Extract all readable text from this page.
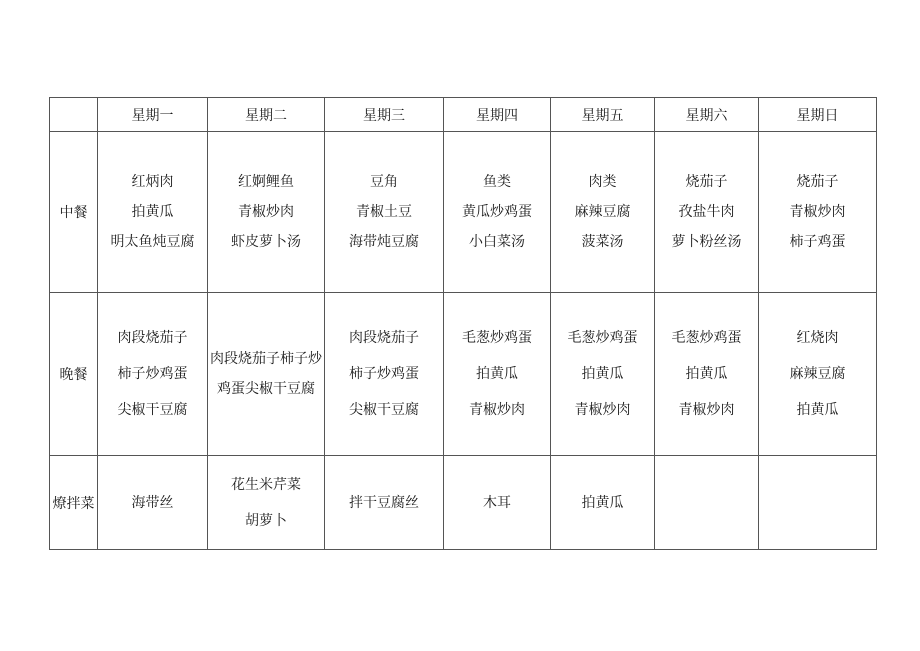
	星期一	星期二	星期三	星期四	星期五	星期六	星期日
中餐	红炳肉
拍黄瓜
明太鱼炖豆腐	红婀鲤鱼
青椒炒肉
虾皮萝卜汤	豆角
青椒土豆
海带炖豆腐	鱼类
黄瓜炒鸡蛋
小白菜汤	肉类
麻辣豆腐
菠菜汤	烧茄子
孜盐牛肉
萝卜粉丝汤	烧茄子
青椒炒肉
柿子鸡蛋

晚餐	肉段烧茄子
柿子炒鸡蛋
尖椒干豆腐	肉段烧茄子柿子炒鸡蛋尖椒干豆腐	肉段烧茄子
柿子炒鸡蛋
尖椒干豆腐	毛葱炒鸡蛋
拍黄瓜
青椒炒肉	毛葱炒鸡蛋
拍黄瓜
青椒炒肉	毛葱炒鸡蛋
拍黄瓜
青椒炒肉	红烧肉
麻辣豆腐
拍黄瓜

燎拌菜	海带丝	花生米芹菜
胡萝卜	拌干豆腐丝	木耳	拍黄瓜		
